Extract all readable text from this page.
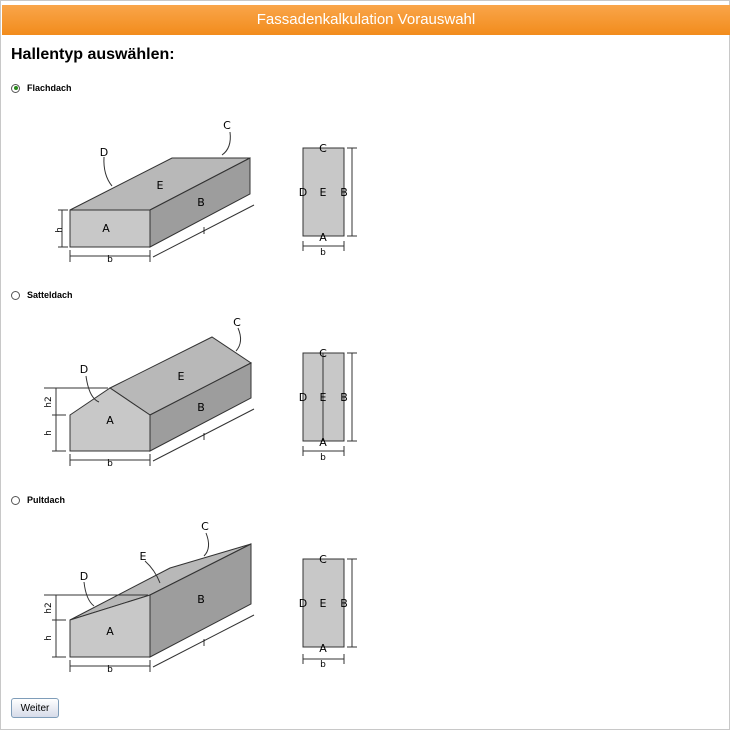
Fassadenkalkulation Vorauswahl
Hallentyp auswählen:
Flachdach
A
B
E
D
C
b
l
h
C
D E B
A
b
Satteldach
A
B
E
D
C
b
l
h
h2
C
D E B
A
b
Pultdach
A
B
E
D
C
b
l
h
h2
C
D E B
A
b
Weiter
